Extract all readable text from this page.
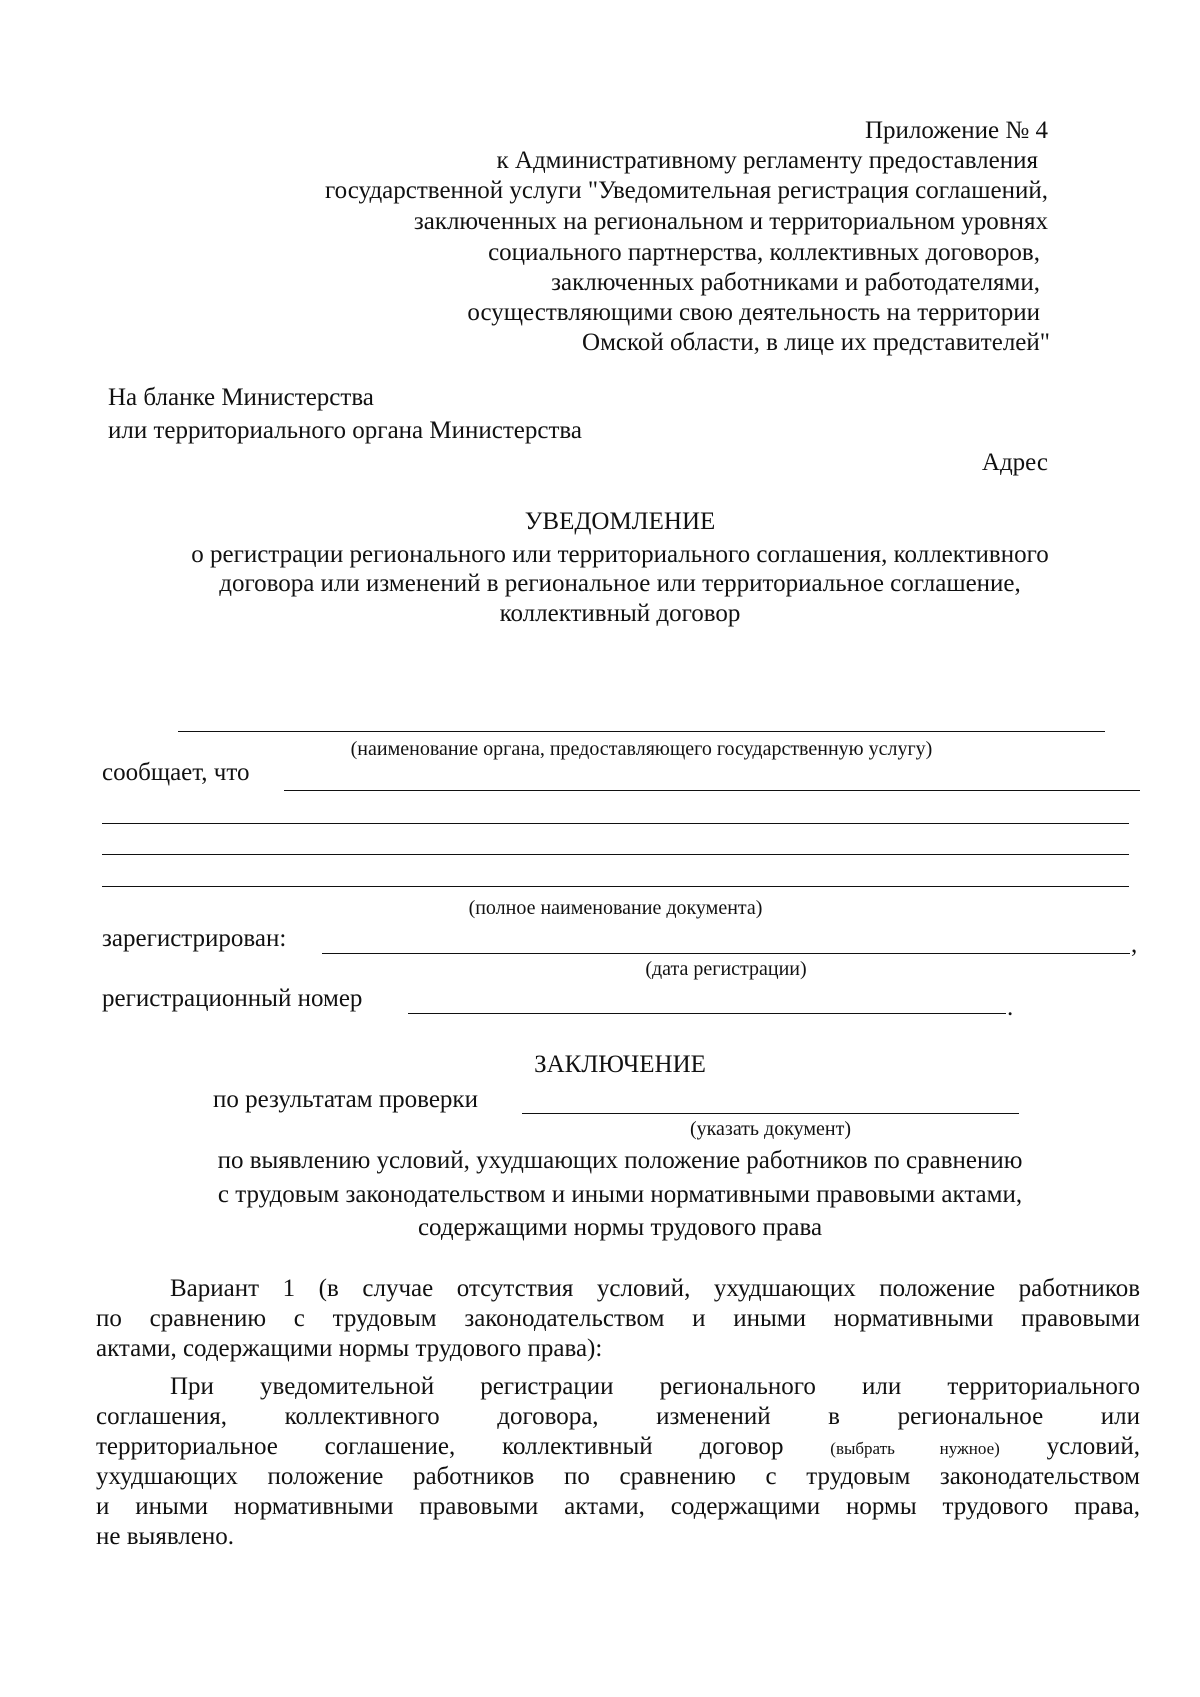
Приложение № 4
к Административному регламенту предоставления
государственной услуги "Уведомительная регистрация соглашений,
заключенных на региональном и территориальном уровнях
социального партнерства, коллективных договоров,
заключенных работниками и работодателями,
осуществляющими свою деятельность на территории
Омской области, в лице их представителей"
На бланке Министерства
или территориального органа Министерства
Адрес
УВЕДОМЛЕНИЕ
о регистрации регионального или территориального соглашения, коллективного
договора или изменений в региональное или территориальное соглашение,
коллективный договор
(наименование органа, предоставляющего государственную услугу)
сообщает, что
(полное наименование документа)
зарегистрирован:	,
(дата регистрации)
регистрационный номер	.
ЗАКЛЮЧЕНИЕ
по результатам проверки
(указать документ)
по выявлению условий, ухудшающих положение работников по сравнению
с трудовым законодательством и иными нормативными правовыми актами,
содержащими нормы трудового права
Вариант 1 (в случае отсутствия условий, ухудшающих положение работников
по сравнению с трудовым законодательством и иными нормативными правовыми
актами, содержащими нормы трудового права):
При уведомительной регистрации регионального или территориального
соглашения, коллективного договора, изменений в региональное или
территориальное соглашение, коллективный договор	(выбрать нужное) условий,
ухудшающих положение работников по сравнению с трудовым законодательством
и иными нормативными правовыми актами, содержащими нормы трудового права,
не выявлено.
